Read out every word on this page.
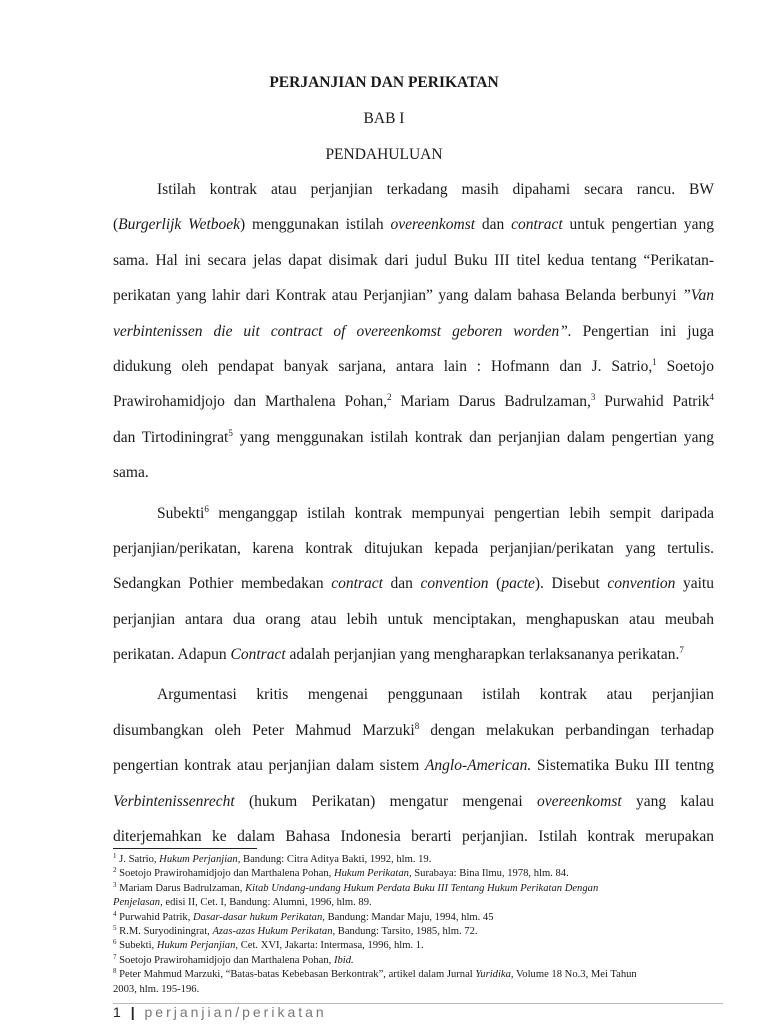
PERJANJIAN DAN PERIKATAN
BAB I
PENDAHULUAN
Istilah kontrak atau perjanjian terkadang masih dipahami secara rancu. BW
(Burgerlijk Wetboek) menggunakan istilah overeenkomst dan contract untuk pengertian yang
sama. Hal ini secara jelas dapat disimak dari judul Buku III titel kedua tentang “Perikatan-
perikatan yang lahir dari Kontrak atau Perjanjian” yang dalam bahasa Belanda berbunyi ”Van
verbintenissen die uit contract of overeenkomst geboren worden”. Pengertian ini juga
didukung oleh pendapat banyak sarjana, antara lain : Hofmann dan J. Satrio,$^1$ Soetojo
Prawirohamidjojo dan Marthalena Pohan,$^2$ Mariam Darus Badrulzaman,$^3$ Purwahid Patrik$^4$
dan Tirtodiningrat$^5$ yang menggunakan istilah kontrak dan perjanjian dalam pengertian yang
sama.
Subekti$^6$ menganggap istilah kontrak mempunyai pengertian lebih sempit daripada
perjanjian/perikatan, karena kontrak ditujukan kepada perjanjian/perikatan yang tertulis.
Sedangkan Pothier membedakan contract dan convention (pacte). Disebut convention yaitu
perjanjian antara dua orang atau lebih untuk menciptakan, menghapuskan atau meubah
perikatan. Adapun Contract adalah perjanjian yang mengharapkan terlaksananya perikatan.$^7$
Argumentasi kritis mengenai penggunaan istilah kontrak atau perjanjian
disumbangkan oleh Peter Mahmud Marzuki$^8$ dengan melakukan perbandingan terhadap
pengertian kontrak atau perjanjian dalam sistem Anglo-American. Sistematika Buku III tentng
Verbintenissenrecht (hukum Perikatan) mengatur mengenai overeenkomst yang kalau
diterjemahkan ke dalam Bahasa Indonesia berarti perjanjian. Istilah kontrak merupakan
$^1$ J. Satrio, Hukum Perjanjian, Bandung: Citra Aditya Bakti, 1992, hlm. 19.
$^2$ Soetojo Prawirohamidjojo dan Marthalena Pohan, Hukum Perikatan, Surabaya: Bina Ilmu, 1978, hlm. 84.
$^3$ Mariam Darus Badrulzaman, Kitab Undang-undang Hukum Perdata Buku III Tentang Hukum Perikatan Dengan
Penjelasan, edisi II, Cet. I, Bandung: Alumni, 1996, hlm. 89.
$^4$ Purwahid Patrik, Dasar-dasar hukum Perikatan, Bandung: Mandar Maju, 1994, hlm. 45
$^5$ R.M. Suryodiningrat, Azas-azas Hukum Perikatan, Bandung: Tarsito, 1985, hlm. 72.
$^6$ Subekti, Hukum Perjanjian, Cet. XVI, Jakarta: Intermasa, 1996, hlm. 1.
$^7$ Soetojo Prawirohamidjojo dan Marthalena Pohan, Ibid.
$^8$ Peter Mahmud Marzuki, “Batas-batas Kebebasan Berkontrak”, artikel dalam Jurnal Yuridika, Volume 18 No.3, Mei Tahun
2003, hlm. 195-196.
1 | perjanjian/perikatan
